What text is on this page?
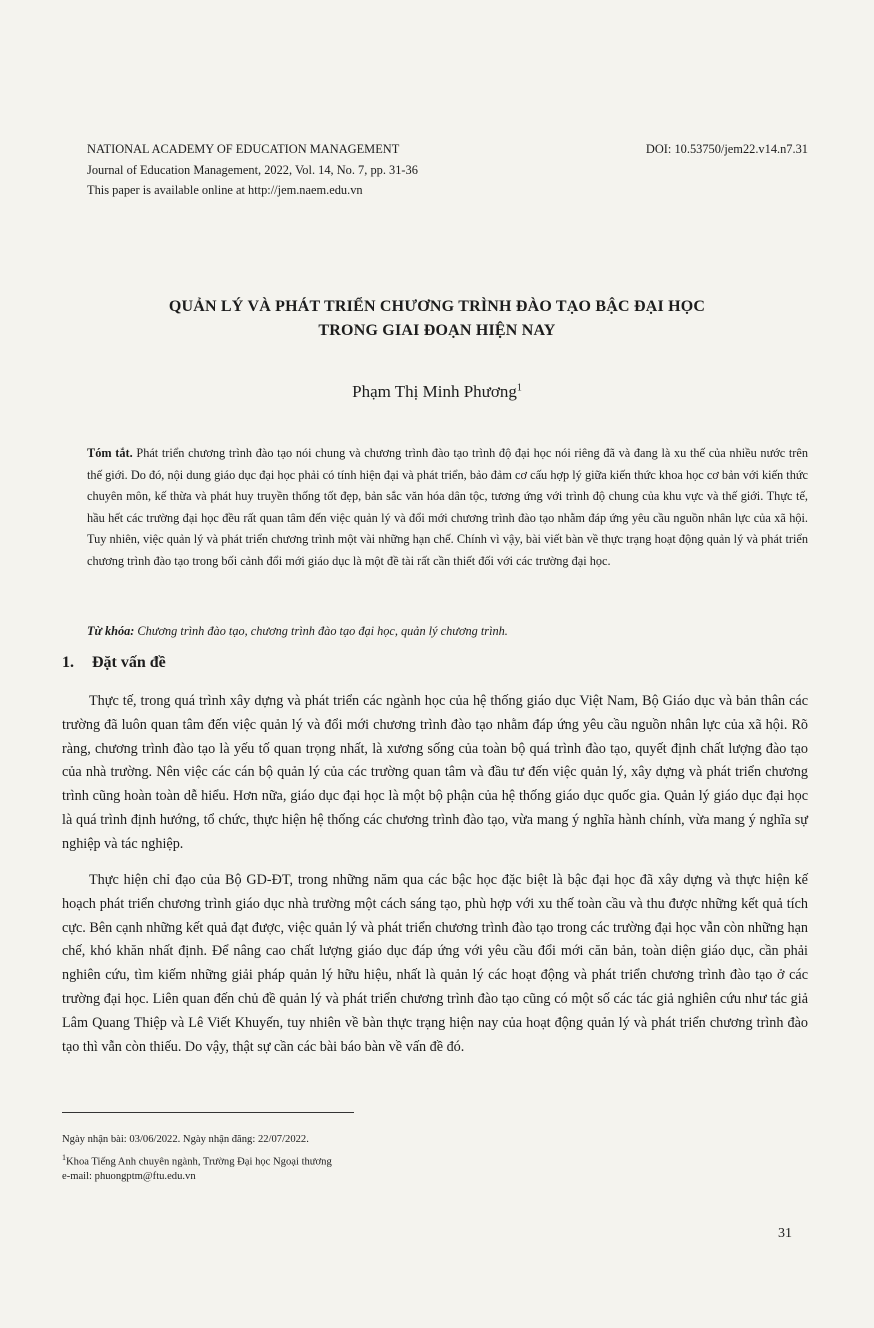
NATIONAL ACADEMY OF EDUCATION MANAGEMENT	DOI: 10.53750/jem22.v14.n7.31
Journal of Education Management, 2022, Vol. 14, No. 7, pp. 31-36
This paper is available online at http://jem.naem.edu.vn
QUẢN LÝ VÀ PHÁT TRIỂN CHƯƠNG TRÌNH ĐÀO TẠO BẬC ĐẠI HỌC
TRONG GIAI ĐOẠN HIỆN NAY
Phạm Thị Minh Phương$^1$

Tóm tắt. Phát triển chương trình đào tạo nói chung và chương trình đào tạo trình độ đại học nói riêng đã và đang là xu thế của nhiều nước trên thế giới. Do đó, nội dung giáo dục đại học phải có tính hiện đại và phát triển, bảo đảm cơ cấu hợp lý giữa kiến thức khoa học cơ bản với kiến thức chuyên môn, kế thừa và phát huy truyền thống tốt đẹp, bản sắc văn hóa dân tộc, tương ứng với trình độ chung của khu vực và thế giới. Thực tế, hầu hết các trường đại học đều rất quan tâm đến việc quản lý và đổi mới chương trình đào tạo nhằm đáp ứng yêu cầu nguồn nhân lực của xã hội. Tuy nhiên, việc quản lý và phát triển chương trình một vài những hạn chế. Chính vì vậy, bài viết bàn về thực trạng hoạt động quản lý và phát triển chương trình đào tạo trong bối cảnh đổi mới giáo dục là một đề tài rất cần thiết đối với các trường đại học.

Từ khóa: Chương trình đào tạo, chương trình đào tạo đại học, quản lý chương trình.

1. Đặt vấn đề

Thực tế, trong quá trình xây dựng và phát triển các ngành học của hệ thống giáo dục Việt Nam, Bộ Giáo dục và bản thân các trường đã luôn quan tâm đến việc quản lý và đổi mới chương trình đào tạo nhằm đáp ứng yêu cầu nguồn nhân lực của xã hội. Rõ ràng, chương trình đào tạo là yếu tố quan trọng nhất, là xương sống của toàn bộ quá trình đào tạo, quyết định chất lượng đào tạo của nhà trường. Nên việc các cán bộ quản lý của các trường quan tâm và đầu tư đến việc quản lý, xây dựng và phát triển chương trình cũng hoàn toàn dễ hiểu. Hơn nữa, giáo dục đại học là một bộ phận của hệ thống giáo dục quốc gia. Quản lý giáo dục đại học là quá trình định hướng, tổ chức, thực hiện hệ thống các chương trình đào tạo, vừa mang ý nghĩa hành chính, vừa mang ý nghĩa sự nghiệp và tác nghiệp.

Thực hiện chỉ đạo của Bộ GD-ĐT, trong những năm qua các bậc học đặc biệt là bậc đại học đã xây dựng và thực hiện kế hoạch phát triển chương trình giáo dục nhà trường một cách sáng tạo, phù hợp với xu thế toàn cầu và thu được những kết quả tích cực. Bên cạnh những kết quả đạt được, việc quản lý và phát triển chương trình đào tạo trong các trường đại học vẫn còn những hạn chế, khó khăn nhất định. Để nâng cao chất lượng giáo dục đáp ứng với yêu cầu đổi mới căn bản, toàn diện giáo dục, cần phải nghiên cứu, tìm kiếm những giải pháp quản lý hữu hiệu, nhất là quản lý các hoạt động và phát triển chương trình đào tạo ở các trường đại học. Liên quan đến chủ đề quản lý và phát triển chương trình đào tạo cũng có một số các tác giả nghiên cứu như tác giả Lâm Quang Thiệp và Lê Viết Khuyến, tuy nhiên về bàn thực trạng hiện nay của hoạt động quản lý và phát triển chương trình đào tạo thì vẫn còn thiếu. Do vậy, thật sự cần các bài báo bàn về vấn đề đó.

Ngày nhận bài: 03/06/2022. Ngày nhận đăng: 22/07/2022.
$^1$Khoa Tiếng Anh chuyên ngành, Trường Đại học Ngoại thương
e-mail: phuongptm@ftu.edu.vn
31
